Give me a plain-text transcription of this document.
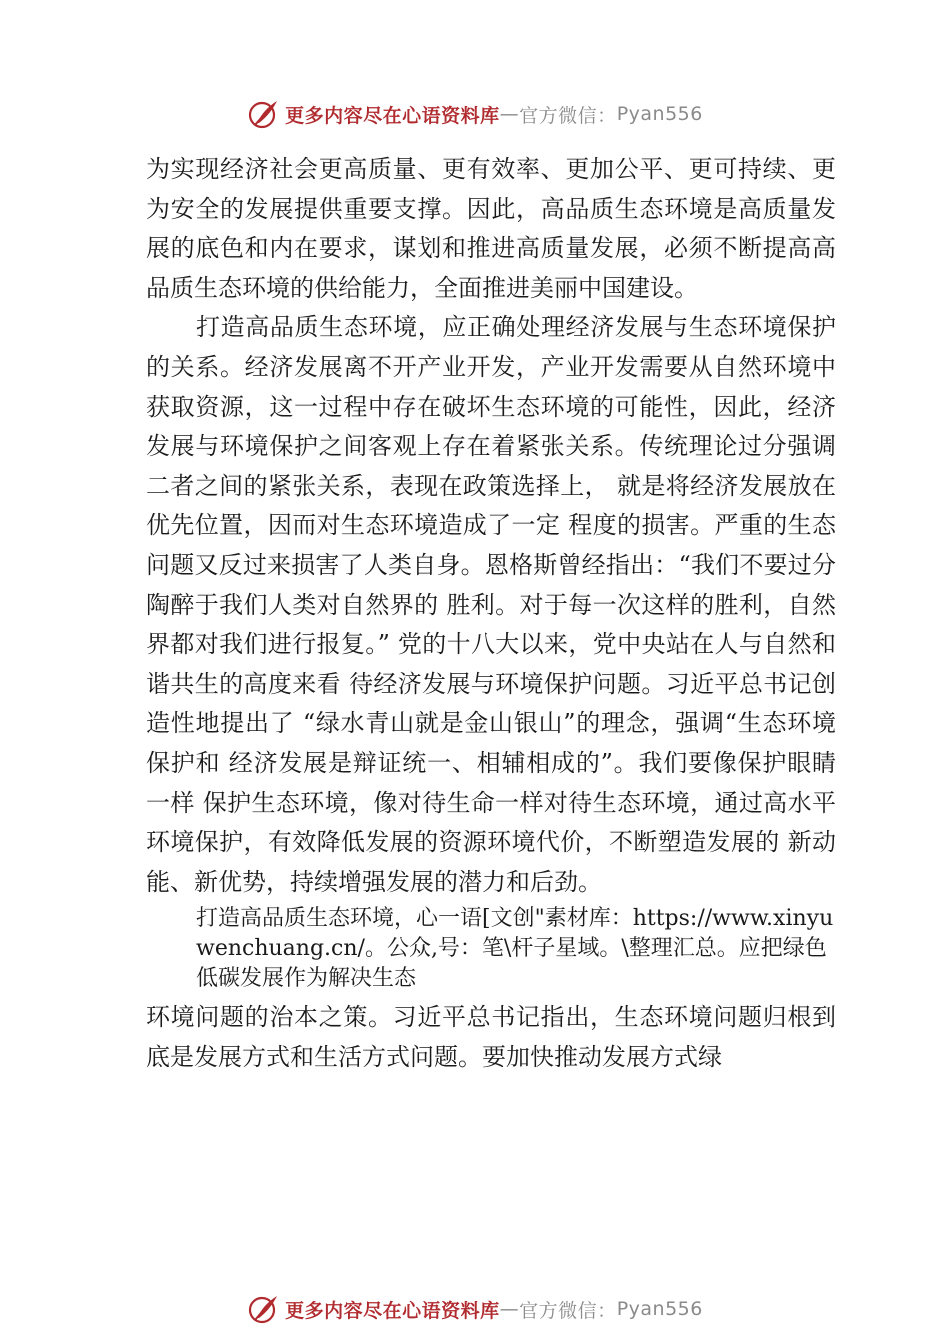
更多内容尽在心语资料库 — 官方微信： Pyan556

为实现经济社会更高质量、更有效率、更加公平、更可持续、更为安全的发展提供重要支撑。因此，高品质生态环境是高质量发展的底色和内在要求，谋划和推进高质量发展，必须不断提高高品质生态环境的供给能力，全面推进美丽中国建设。

打造高品质生态环境，应正确处理经济发展与生态环境保护的关系。经济发展离不开产业开发，产业开发需要从自然环境中获取资源，这一过程中存在破坏生态环境的可能性，因此，经济发展与环境保护之间客观上存在着紧张关系。传统理论过分强调二者之间的紧张关系，表现在政策选择上， 就是将经济发展放在优先位置，因而对生态环境造成了一定 程度的损害。严重的生态问题又反过来损害了人类自身。恩格斯曾经指出：“我们不要过分陶醉于我们人类对自然界的 胜利。对于每一次这样的胜利，自然界都对我们进行报复。” 党的十八大以来，党中央站在人与自然和谐共生的高度来看 待经济发展与环境保护问题。习近平总书记创造性地提出了 “绿水青山就是金山银山”的理念，强调“生态环境保护和 经济发展是辩证统一、相辅相成的”。我们要像保护眼睛一样 保护生态环境，像对待生命一样对待生态环境，通过高水平 环境保护，有效降低发展的资源环境代价，不断塑造发展的 新动能、新优势，持续增强发展的潜力和后劲。

打造高品质生态环境，心一语[文创"素材库：https://www.xinyuwenchuang.cn/。公众,号：笔\杆子星域。\整理汇总。应把绿色低碳发展作为解决生态

环境问题的治本之策。习近平总书记指出，生态环境问题归根到底是发展方式和生活方式问题。要加快推动发展方式绿

更多内容尽在心语资料库 — 官方微信： Pyan556
